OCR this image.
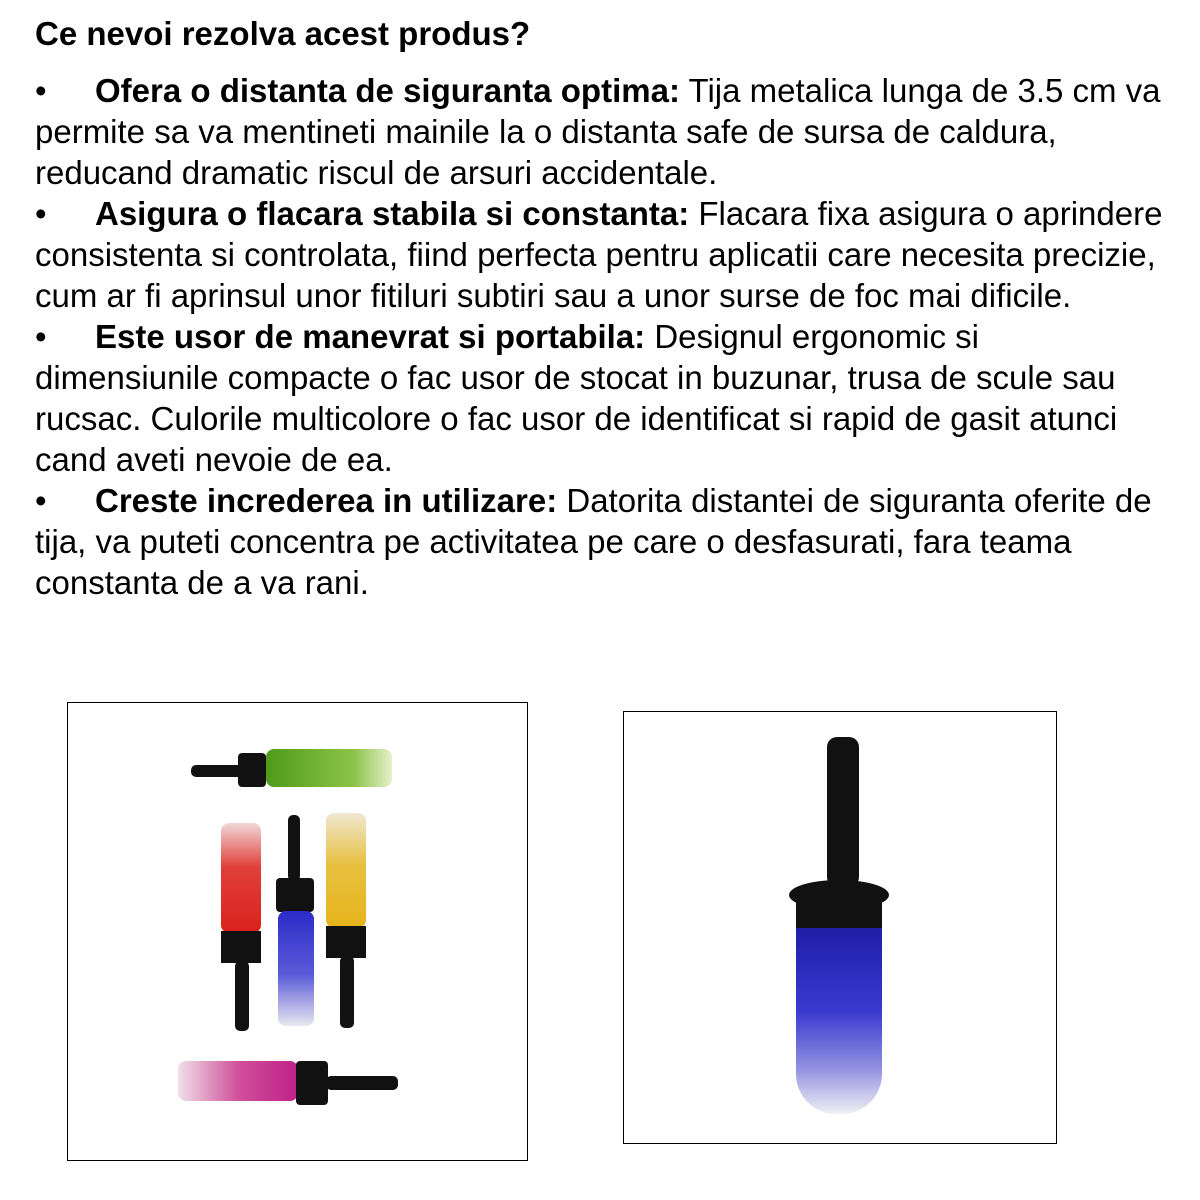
Ce nevoi rezolva acest produs?

• Ofera o distanta de siguranta optima: Tija metalica lunga de 3.5 cm va permite sa va mentineti mainile la o distanta safe de sursa de caldura, reducand dramatic riscul de arsuri accidentale.

• Asigura o flacara stabila si constanta: Flacara fixa asigura o aprindere consistenta si controlata, fiind perfecta pentru aplicatii care necesita precizie, cum ar fi aprinsul unor fitiluri subtiri sau a unor surse de foc mai dificile.

• Este usor de manevrat si portabila: Designul ergonomic si dimensiunile compacte o fac usor de stocat in buzunar, trusa de scule sau rucsac. Culorile multicolore o fac usor de identificat si rapid de gasit atunci cand aveti nevoie de ea.

• Creste increderea in utilizare: Datorita distantei de siguranta oferite de tija, va puteti concentra pe activitatea pe care o desfasurati, fara teama constanta de a va rani.
